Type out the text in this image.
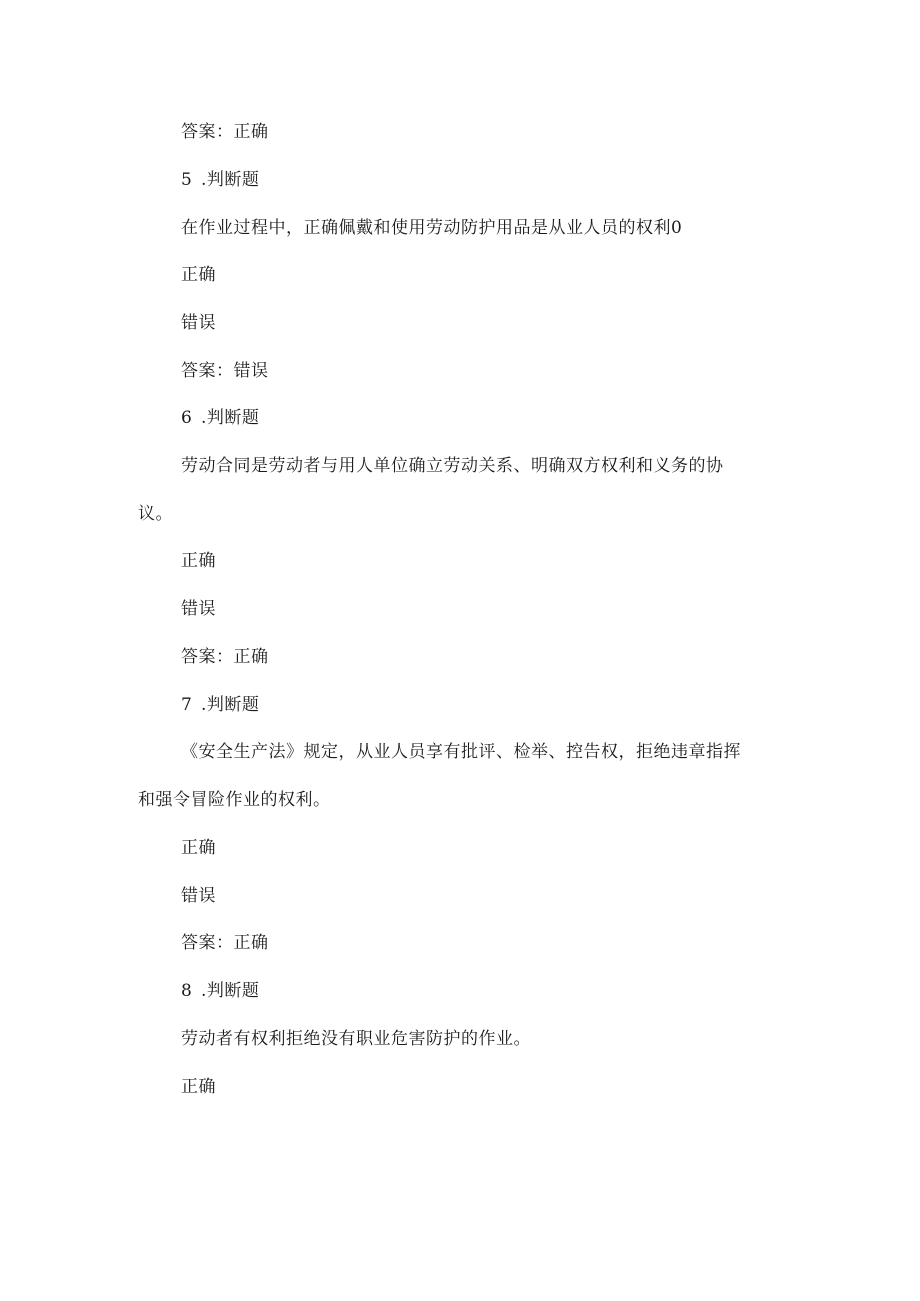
答案：正确
5 .判断题
在作业过程中，正确佩戴和使用劳动防护用品是从业人员的权利0
正确
错误
答案：错误
6 .判断题
劳动合同是劳动者与用人单位确立劳动关系、明确双方权利和义务的协
议。
正确
错误
答案：正确
7 .判断题
《安全生产法》规定，从业人员享有批评、检举、控告权，拒绝违章指挥
和强令冒险作业的权利。
正确
错误
答案：正确
8 .判断题
劳动者有权利拒绝没有职业危害防护的作业。
正确
